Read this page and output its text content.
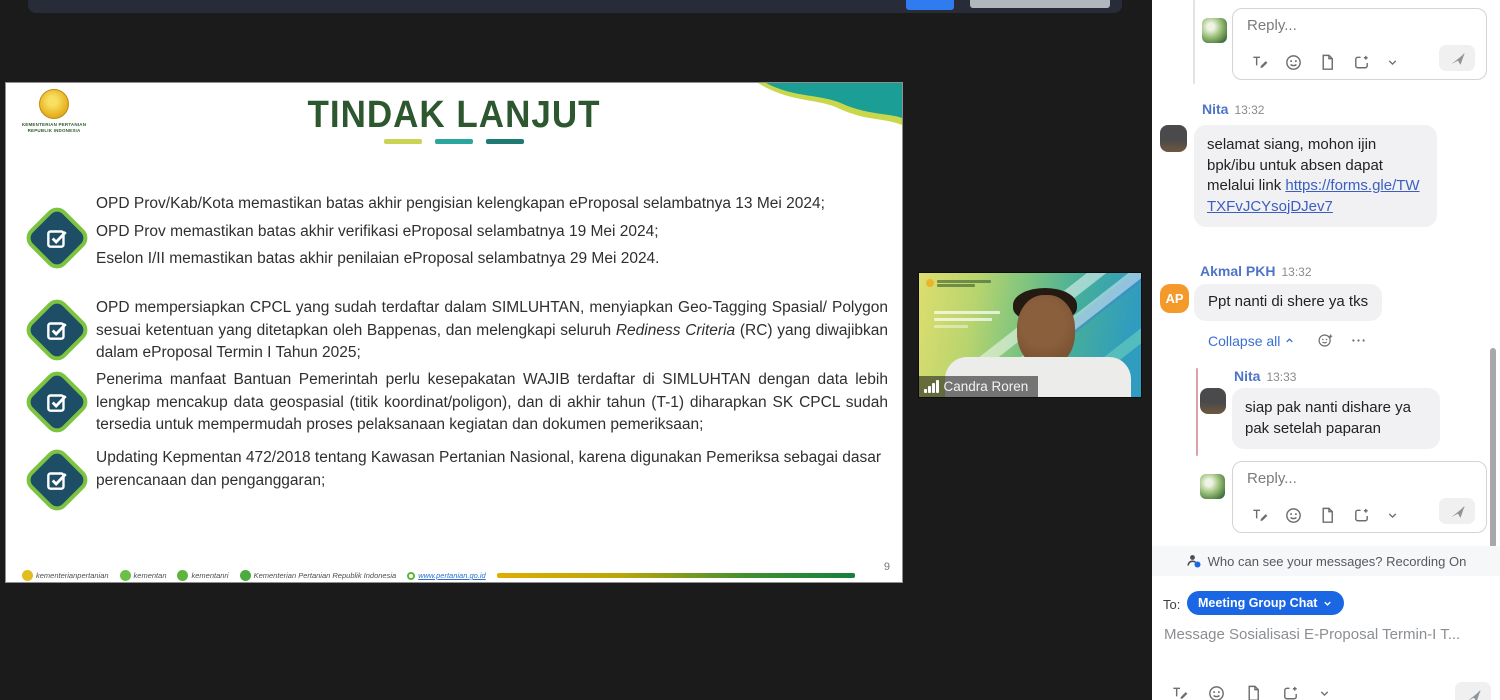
KEMENTERIAN PERTANIAN
REPUBLIK INDONESIA	TINDAK LANJUT

OPD Prov/Kab/Kota memastikan batas akhir pengisian kelengkapan eProposal selambatnya 13 Mei 2024;

OPD Prov memastikan batas akhir verifikasi eProposal selambatnya 19 Mei 2024;

Eselon I/II memastikan batas akhir penilaian eProposal selambatnya 29 Mei 2024.

OPD mempersiapkan CPCL yang sudah terdaftar dalam SIMLUHTAN, menyiapkan Geo-Tagging Spasial/ Polygon sesuai ketentuan yang ditetapkan oleh Bappenas, dan melengkapi seluruh Rediness Criteria (RC) yang diwajibkan dalam eProposal Termin I Tahun 2025;

Penerima manfaat Bantuan Pemerintah perlu kesepakatan WAJIB terdaftar di SIMLUHTAN dengan data lebih lengkap mencakup data geospasial (titik koordinat/poligon), dan di akhir tahun (T-1) diharapkan SK CPCL sudah tersedia untuk mempermudah proses pelaksanaan kegiatan dan dokumen pemeriksaan;

Updating Kepmentan 472/2018 tentang Kawasan Pertanian Nasional, karena digunakan Pemeriksa sebagai dasar perencanaan dan penganggaran;

kementerianpertanian	kementan	kementanri	Kementerian Pertanian Republik Indonesia	www.pertanian.go.id
9
Candra Roren
Reply...
Nita 13:32
selamat siang, mohon ijin bpk/ibu untuk absen dapat melalui link https://forms.gle/TWTXFvJCYsojDJev7
Akmal PKH 13:32
AP	Ppt nanti di shere ya tks
Collapse all
Nita 13:33
siap pak nanti dishare ya pak setelah paparan
Reply...
Who can see your messages? Recording On
To: Meeting Group Chat
Message Sosialisasi E-Proposal Termin-I T...
